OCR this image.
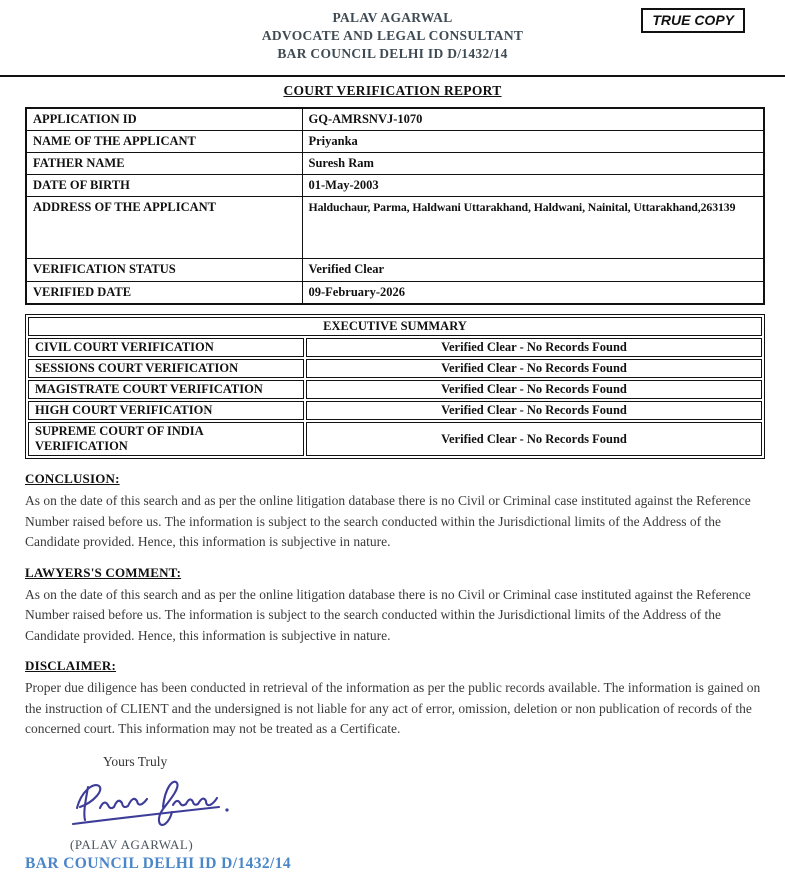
TRUE COPY
PALAV AGARWAL
ADVOCATE AND LEGAL CONSULTANT
BAR COUNCIL DELHI ID D/1432/14
COURT VERIFICATION REPORT
APPLICATION ID	GQ-AMRSNVJ-1070
NAME OF THE APPLICANT	Priyanka
FATHER NAME	Suresh Ram
DATE OF BIRTH	01-May-2003
ADDRESS OF THE APPLICANT	Halduchaur, Parma, Haldwani Uttarakhand, Haldwani, Nainital, Uttarakhand,263139
VERIFICATION STATUS	Verified Clear
VERIFIED DATE	09-February-2026
EXECUTIVE SUMMARY	
CIVIL COURT VERIFICATION	Verified Clear - No Records Found
SESSIONS COURT VERIFICATION	Verified Clear - No Records Found
MAGISTRATE COURT VERIFICATION	Verified Clear - No Records Found
HIGH COURT VERIFICATION	Verified Clear - No Records Found
SUPREME COURT OF INDIA VERIFICATION	Verified Clear - No Records Found
CONCLUSION:
As on the date of this search and as per the online litigation database there is no Civil or Criminal case instituted against the Reference Number raised before us. The information is subject to the search conducted within the Jurisdictional limits of the Address of the Candidate provided. Hence, this information is subjective in nature.
LAWYERS'S COMMENT:
As on the date of this search and as per the online litigation database there is no Civil or Criminal case instituted against the Reference Number raised before us. The information is subject to the search conducted within the Jurisdictional limits of the Address of the Candidate provided. Hence, this information is subjective in nature.
DISCLAIMER:
Proper due diligence has been conducted in retrieval of the information as per the public records available. The information is gained on the instruction of CLIENT and the undersigned is not liable for any act of error, omission, deletion or non publication of records of the concerned court. This information may not be treated as a Certificate.
Yours Truly
(PALAV AGARWAL)
BAR COUNCIL DELHI ID D/1432/14
